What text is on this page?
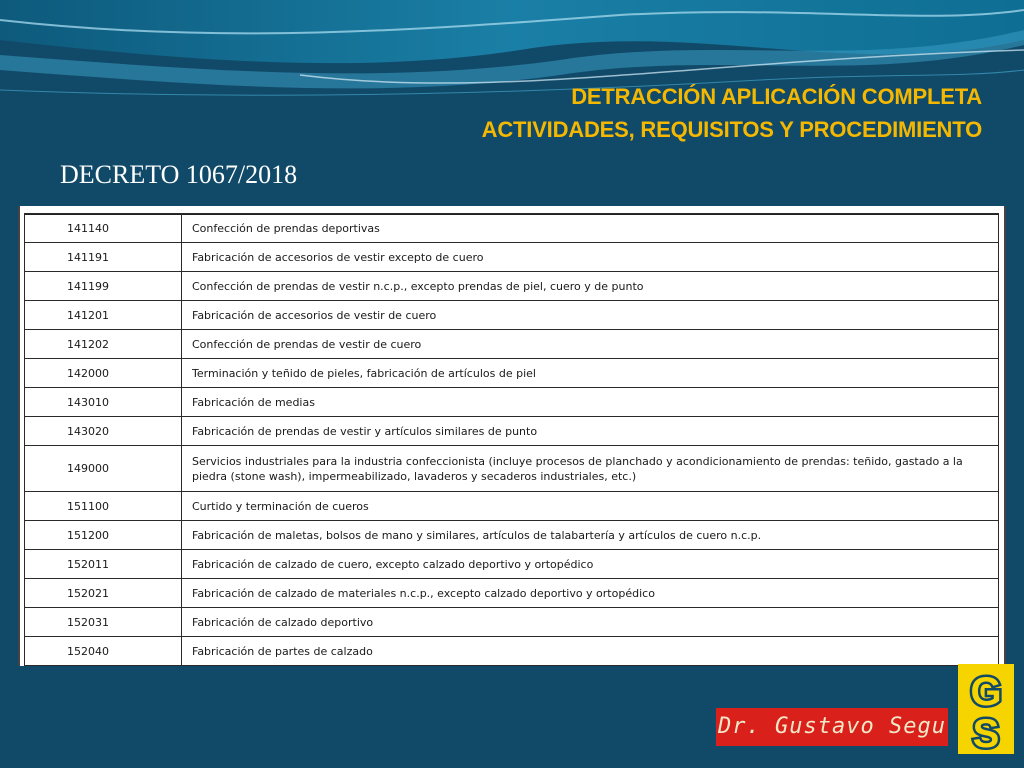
DETRACCIÓN APLICACIÓN COMPLETA
ACTIVIDADES, REQUISITOS Y PROCEDIMIENTO
DECRETO 1067/2018
141140	Confección de prendas deportivas
141191	Fabricación de accesorios de vestir excepto de cuero
141199	Confección de prendas de vestir n.c.p., excepto prendas de piel, cuero y de punto
141201	Fabricación de accesorios de vestir de cuero
141202	Confección de prendas de vestir de cuero
142000	Terminación y teñido de pieles, fabricación de artículos de piel
143010	Fabricación de medias
143020	Fabricación de prendas de vestir y artículos similares de punto
149000	Servicios industriales para la industria confeccionista (incluye procesos de planchado y acondicionamiento de prendas: teñido, gastado a la piedra (stone wash), impermeabilizado, lavaderos y secaderos industriales, etc.)
151100	Curtido y terminación de cueros
151200	Fabricación de maletas, bolsos de mano y similares, artículos de talabartería y artículos de cuero n.c.p.
152011	Fabricación de calzado de cuero, excepto calzado deportivo y ortopédico
152021	Fabricación de calzado de materiales n.c.p., excepto calzado deportivo y ortopédico
152031	Fabricación de calzado deportivo
152040	Fabricación de partes de calzado
Dr. Gustavo Segu
G
S
